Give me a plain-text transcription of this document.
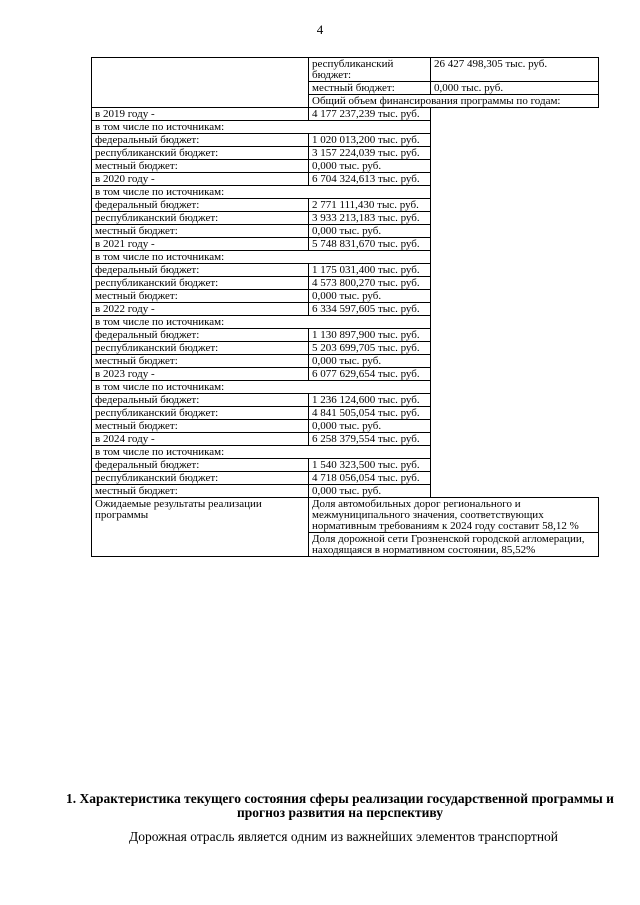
4
	республиканский бюджет:	26 427 498,305 тыс. руб.
	местный бюджет:	0,000 тыс. руб.
	Общий объем финансирования программы по годам:	
в 2019 году -	4 177 237,239 тыс. руб.	
в том числе по источникам:		
федеральный бюджет:	1 020 013,200 тыс. руб.	
республиканский бюджет:	3 157 224,039 тыс. руб.	
местный бюджет:	0,000 тыс. руб.	
в 2020 году -	6 704 324,613 тыс. руб.	
в том числе по источникам:		
федеральный бюджет:	2 771 111,430 тыс. руб.	
республиканский бюджет:	3 933 213,183 тыс. руб.	
местный бюджет:	0,000 тыс. руб.	
в 2021 году -	5 748 831,670 тыс. руб.	
в том числе по источникам:		
федеральный бюджет:	1 175 031,400 тыс. руб.	
республиканский бюджет:	4 573 800,270 тыс. руб.	
местный бюджет:	0,000 тыс. руб.	
в 2022 году -	6 334 597,605 тыс. руб.	
в том числе по источникам:		
федеральный бюджет:	1 130 897,900 тыс. руб.	
республиканский бюджет:	5 203 699,705 тыс. руб.	
местный бюджет:	0,000 тыс. руб.	
в 2023 году -	6 077 629,654 тыс. руб.	
в том числе по источникам:		
федеральный бюджет:	1 236 124,600 тыс. руб.	
республиканский бюджет:	4 841 505,054 тыс. руб.	
местный бюджет:	0,000 тыс. руб.	
в 2024 году -	6 258 379,554 тыс. руб.	
в том числе по источникам:		
федеральный бюджет:	1 540 323,500 тыс. руб.	
республиканский бюджет:	4 718 056,054 тыс. руб.	
местный бюджет:	0,000 тыс. руб.	
Ожидаемые результаты реализации программы	Доля автомобильных дорог регионального и межмуниципального значения, соответствующих нормативным требованиям к 2024 году составит 58,12 %	
	Доля дорожной сети Грозненской городской агломерации, находящаяся в нормативном состоянии, 85,52%	
1. Характеристика текущего состояния сферы реализации государственной программы и прогноз развития на перспективу
Дорожная отрасль является одним из важнейших элементов транспортной
